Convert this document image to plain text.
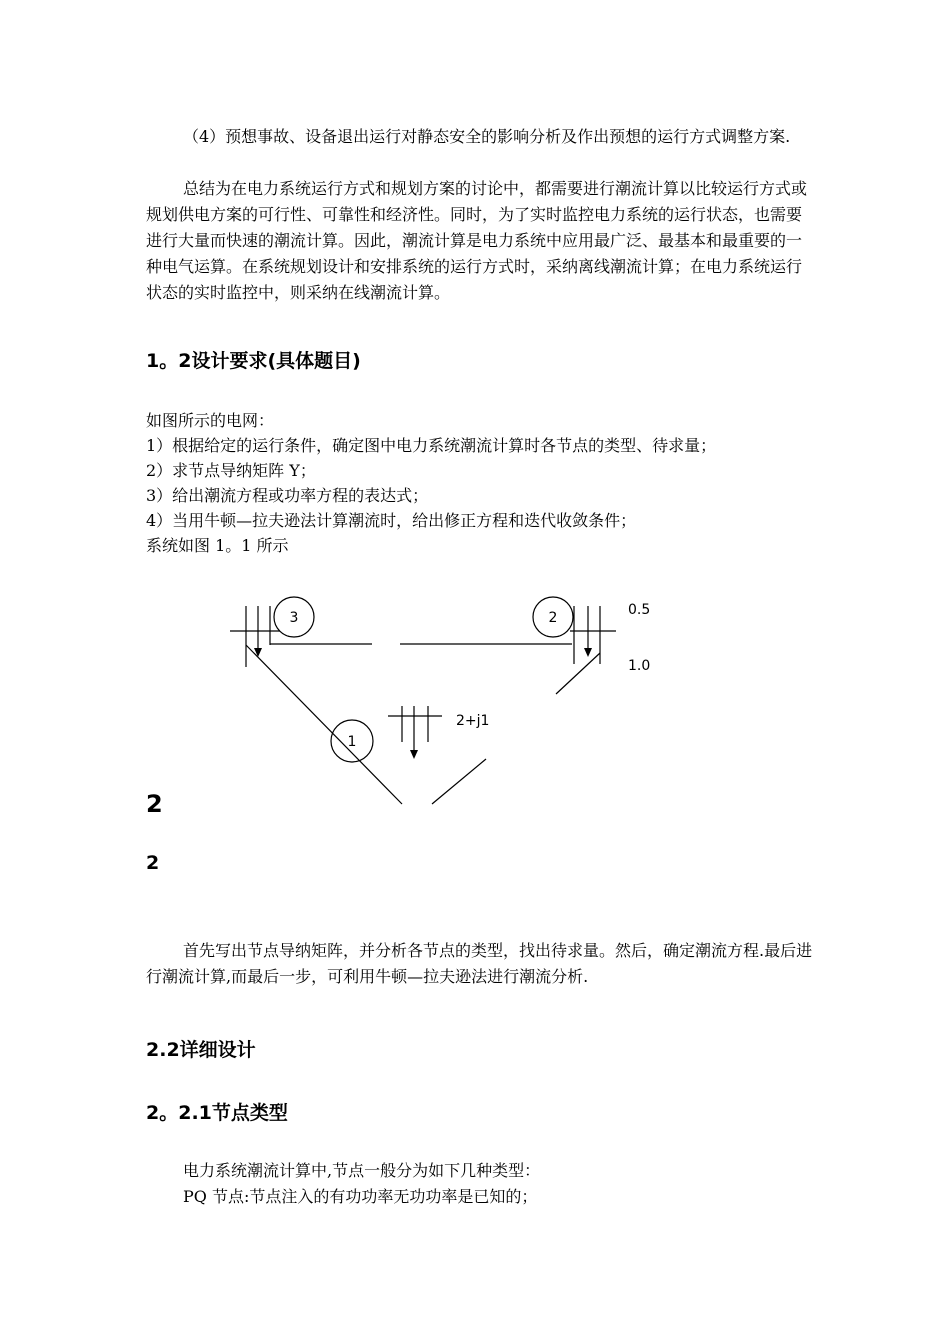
（4）预想事故、设备退出运行对静态安全的影响分析及作出预想的运行方式调整方案.

总结为在电力系统运行方式和规划方案的讨论中，都需要进行潮流计算以比较运行方式或规划供电方案的可行性、可靠性和经济性。同时，为了实时监控电力系统的运行状态，也需要进行大量而快速的潮流计算。因此，潮流计算是电力系统中应用最广泛、最基本和最重要的一种电气运算。在系统规划设计和安排系统的运行方式时，采纳离线潮流计算；在电力系统运行状态的实时监控中，则采纳在线潮流计算。

1。2设计要求(具体题目)
如图所示的电网：
1）根据给定的运行条件，确定图中电力系统潮流计算时各节点的类型、待求量；
2）求节点导纳矩阵 Y；
3）给出潮流方程或功率方程的表达式；
4）当用牛顿—拉夫逊法计算潮流时，给出修正方程和迭代收敛条件；
系统如图 1。1 所示
3	2
1
2+j1
0.5
1.0
2
2

首先写出节点导纳矩阵，并分析各节点的类型，找出待求量。然后，确定潮流方程.最后进行潮流计算,而最后一步，可利用牛顿—拉夫逊法进行潮流分析.

2.2详细设计
2。2.1节点类型
电力系统潮流计算中,节点一般分为如下几种类型：
PQ 节点:节点注入的有功功率无功功率是已知的；
